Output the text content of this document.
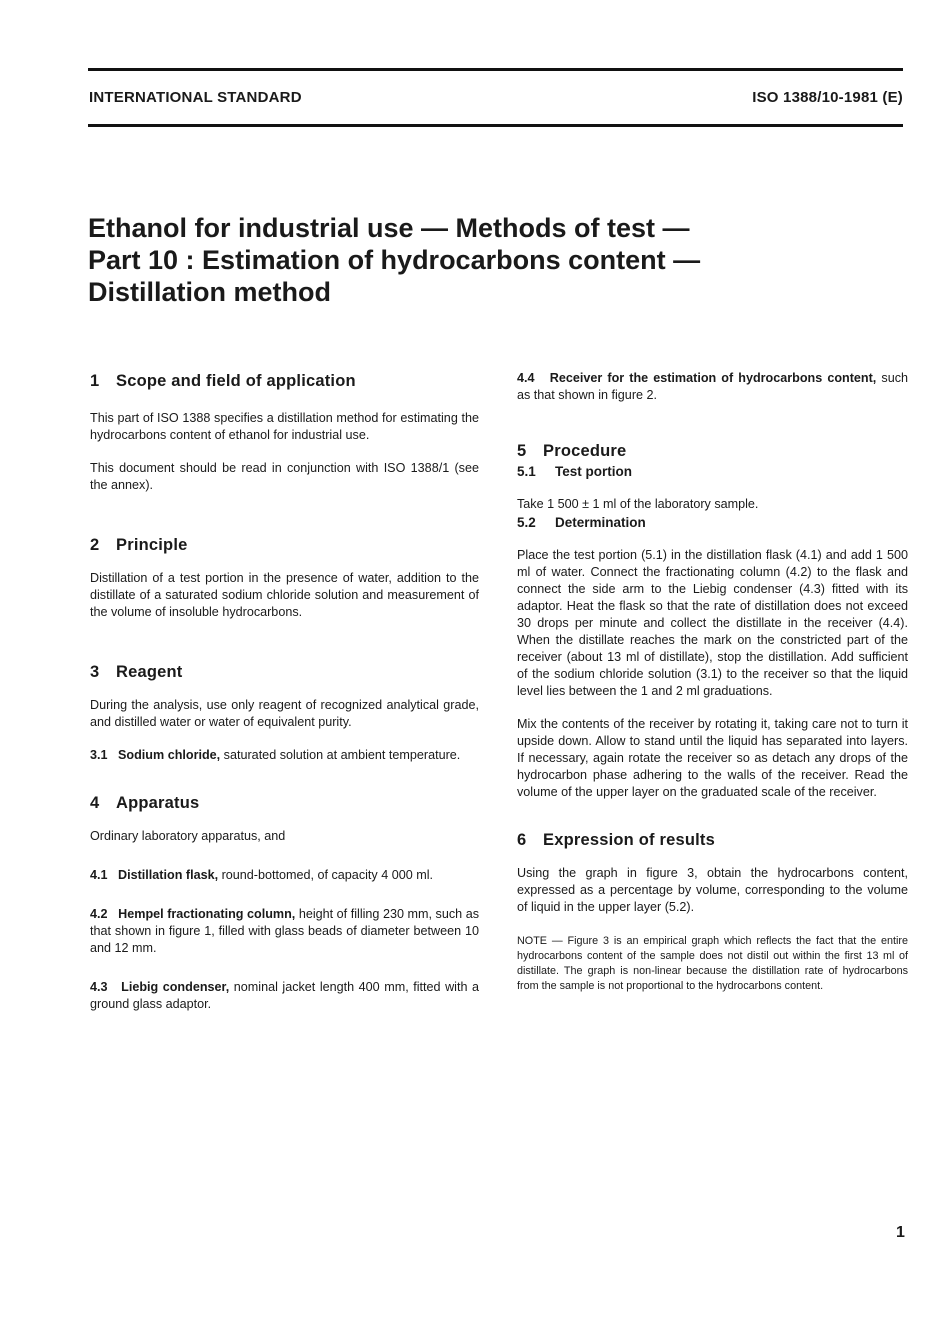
INTERNATIONAL STANDARD	ISO 1388/10-1981 (E)
Ethanol for industrial use — Methods of test —
Part 10 : Estimation of hydrocarbons content —
Distillation method
1 Scope and field of application

This part of ISO 1388 specifies a distillation method for estimating the hydrocarbons content of ethanol for industrial use.

This document should be read in conjunction with ISO 1388/1 (see the annex).

2 Principle

Distillation of a test portion in the presence of water, addition to the distillate of a saturated sodium chloride solution and measurement of the volume of insoluble hydrocarbons.

3 Reagent

During the analysis, use only reagent of recognized analytical grade, and distilled water or water of equivalent purity.

3.1 Sodium chloride, saturated solution at ambient temperature.

4 Apparatus

Ordinary laboratory apparatus, and

4.1 Distillation flask, round-bottomed, of capacity 4 000 ml.

4.2 Hempel fractionating column, height of filling 230 mm, such as that shown in figure 1, filled with glass beads of diameter between 10 and 12 mm.

4.3 Liebig condenser, nominal jacket length 400 mm, fitted with a ground glass adaptor.

4.4 Receiver for the estimation of hydrocarbons content, such as that shown in figure 2.

5 Procedure
5.1 Test portion

Take 1 500 ± 1 ml of the laboratory sample.

5.2 Determination

Place the test portion (5.1) in the distillation flask (4.1) and add 1 500 ml of water. Connect the fractionating column (4.2) to the flask and connect the side arm to the Liebig condenser (4.3) fitted with its adaptor. Heat the flask so that the rate of distillation does not exceed 30 drops per minute and collect the distillate in the receiver (4.4). When the distillate reaches the mark on the constricted part of the receiver (about 13 ml of distillate), stop the distillation. Add sufficient of the sodium chloride solution (3.1) to the receiver so that the liquid level lies between the 1 and 2 ml graduations.

Mix the contents of the receiver by rotating it, taking care not to turn it upside down. Allow to stand until the liquid has separated into layers. If necessary, again rotate the receiver so as detach any drops of the hydrocarbon phase adhering to the walls of the receiver. Read the volume of the upper layer on the graduated scale of the receiver.

6 Expression of results

Using the graph in figure 3, obtain the hydrocarbons content, expressed as a percentage by volume, corresponding to the volume of liquid in the upper layer (5.2).

NOTE — Figure 3 is an empirical graph which reflects the fact that the entire hydrocarbons content of the sample does not distil out within the first 13 ml of distillate. The graph is non-linear because the distillation rate of hydrocarbons from the sample is not proportional to the hydrocarbons content.

1
